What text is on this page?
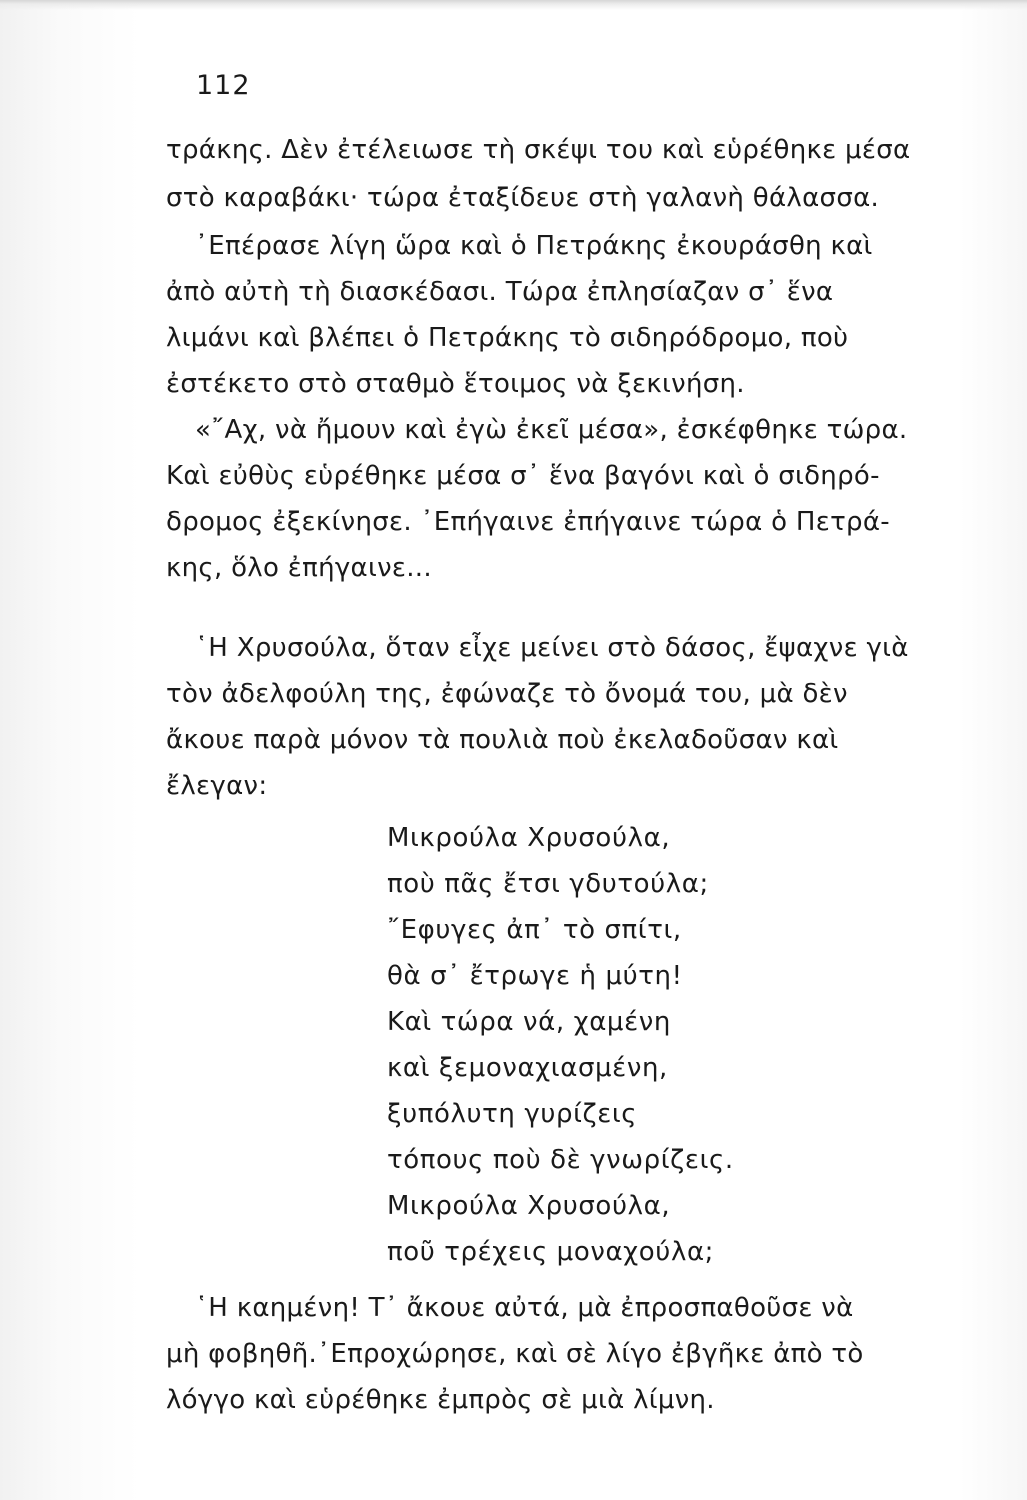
112
τράκης. Δὲν ἐτέλειωσε τὴ σκέψι του καὶ εὑρέθηκε μέσα
στὸ καραβάκι· τώρα ἐταξίδευε στὴ γαλανὴ θάλασσα.
᾿Επέρασε λίγη ὥρα καὶ ὁ Πετράκης ἐκουράσθη καὶ
ἀπὸ αὐτὴ τὴ διασκέδασι. Τώρα ἐπλησίαζαν σ᾿ ἕνα
λιμάνι καὶ βλέπει ὁ Πετράκης τὸ σιδηρόδρομο, ποὺ
ἐστέκετο στὸ σταθμὸ ἕτοιμος νὰ ξεκινήση.
«῎Αχ, νὰ ἤμουν καὶ ἐγὼ ἐκεῖ μέσα», ἐσκέφθηκε τώρα.
Καὶ εὐθὺς εὑρέθηκε μέσα σ᾿ ἕνα βαγόνι καὶ ὁ σιδηρό-
δρομος ἐξεκίνησε. ᾿Επήγαινε ἐπήγαινε τώρα ὁ Πετρά-
κης, ὅλο ἐπήγαινε...
῾Η Χρυσούλα, ὅταν εἶχε μείνει στὸ δάσος, ἔψαχνε γιὰ
τὸν ἀδελφούλη της, ἐφώναζε τὸ ὄνομά του, μὰ δὲν
ἄκουε παρὰ μόνον τὰ πουλιὰ ποὺ ἐκελαδοῦσαν καὶ
ἔλεγαν:
Μικρούλα Χρυσούλα,
ποὺ πᾶς ἔτσι γδυτούλα;
῎Εφυγες ἀπ᾿ τὸ σπίτι,
θὰ σ᾿ ἔτρωγε ἡ μύτη!
Καὶ τώρα νά, χαμένη
καὶ ξεμοναχιασμένη,
ξυπόλυτη γυρίζεις
τόπους ποὺ δὲ γνωρίζεις.
Μικρούλα Χρυσούλα,
ποῦ τρέχεις μοναχούλα;
῾Η καημένη! Τ᾿ ἄκουε αὐτά, μὰ ἐπροσπαθοῦσε νὰ
μὴ φοβηθῆ.᾿Επροχώρησε, καὶ σὲ λίγο ἐβγῆκε ἀπὸ τὸ
λόγγο καὶ εὑρέθηκε ἐμπρὸς σὲ μιὰ λίμνη.
